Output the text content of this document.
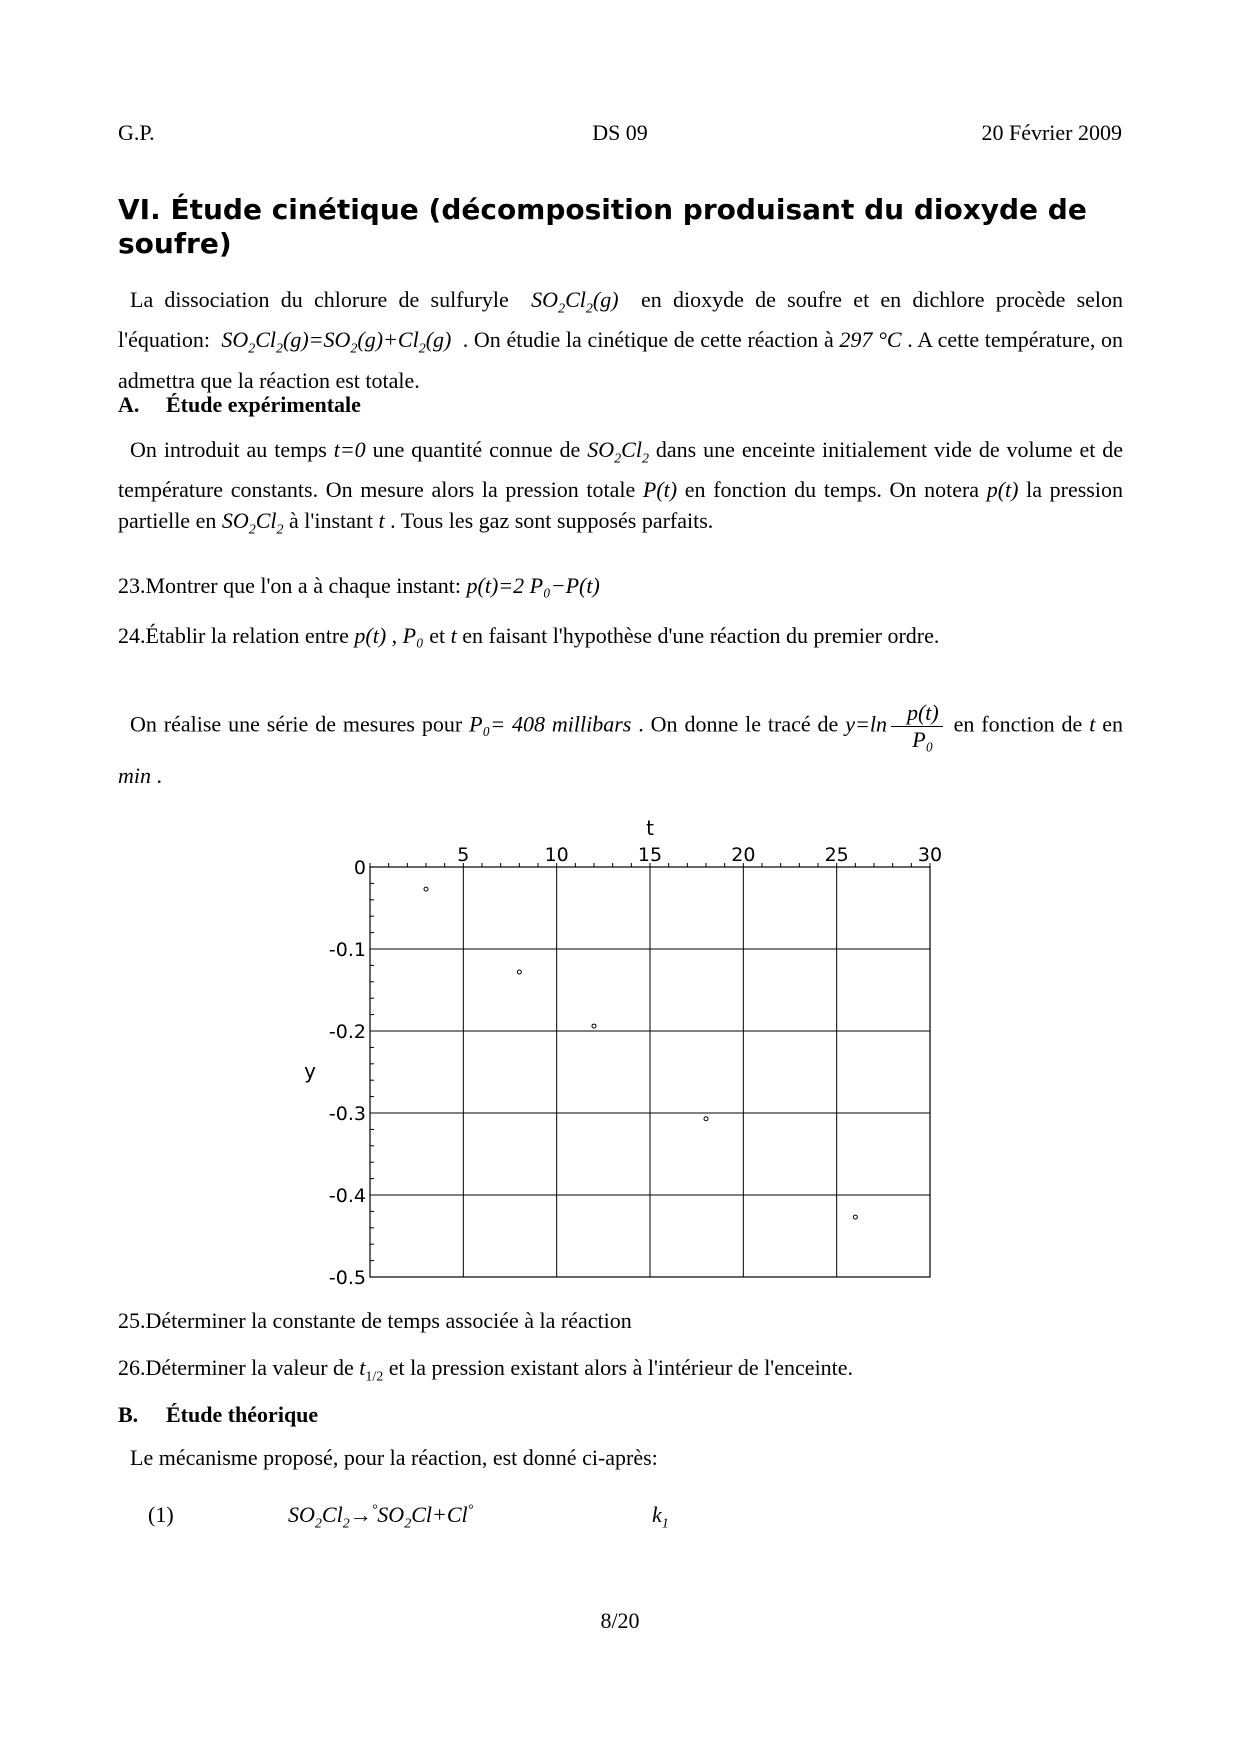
G.P.	DS 09	20 Février 2009
VI. Étude cinétique (décomposition produisant du dioxyde de soufre)
La dissociation du chlorure de sulfuryle  $SO_2Cl_2(g)$  en dioxyde de soufre et en dichlore procède selon l'équation:  $SO_2Cl_2(g)=SO_2(g)+Cl_2(g)$  . On étudie la cinétique de cette réaction à 297 °C . A cette température, on admettra que la réaction est totale.
A. Étude expérimentale
On introduit au temps t=0 une quantité connue de $SO_2Cl_2$ dans une enceinte initialement vide de volume et de température constants. On mesure alors la pression totale P(t) en fonction du temps. On notera p(t) la pression partielle en $SO_2Cl_2$ à l'instant t . Tous les gaz sont supposés parfaits.
23.Montrer que l'on a à chaque instant: p(t)=2 P₀−P(t)
24.Établir la relation entre p(t) , P₀ et t en faisant l'hypothèse d'une réaction du premier ordre.
On réalise une série de mesures pour P₀= 408 millibars . On donne le tracé de $y=\ln \frac{p(t)}{\text{P₀}}$ en fonction de t en min .
5	10	15	20	25	30
0
-0.1
-0.2
-0.3
-0.4
-0.5
t
y
25.Déterminer la constante de temps associée à la réaction
26.Déterminer la valeur de $t_{1/2}$ et la pression existant alors à l'intérieur de l'enceinte.
B. Étude théorique
Le mécanisme proposé, pour la réaction, est donné ci-après:
(1)	$SO_2Cl_2\to^\circ SO_2Cl+Cl^\circ$	$k_1$
8/20
